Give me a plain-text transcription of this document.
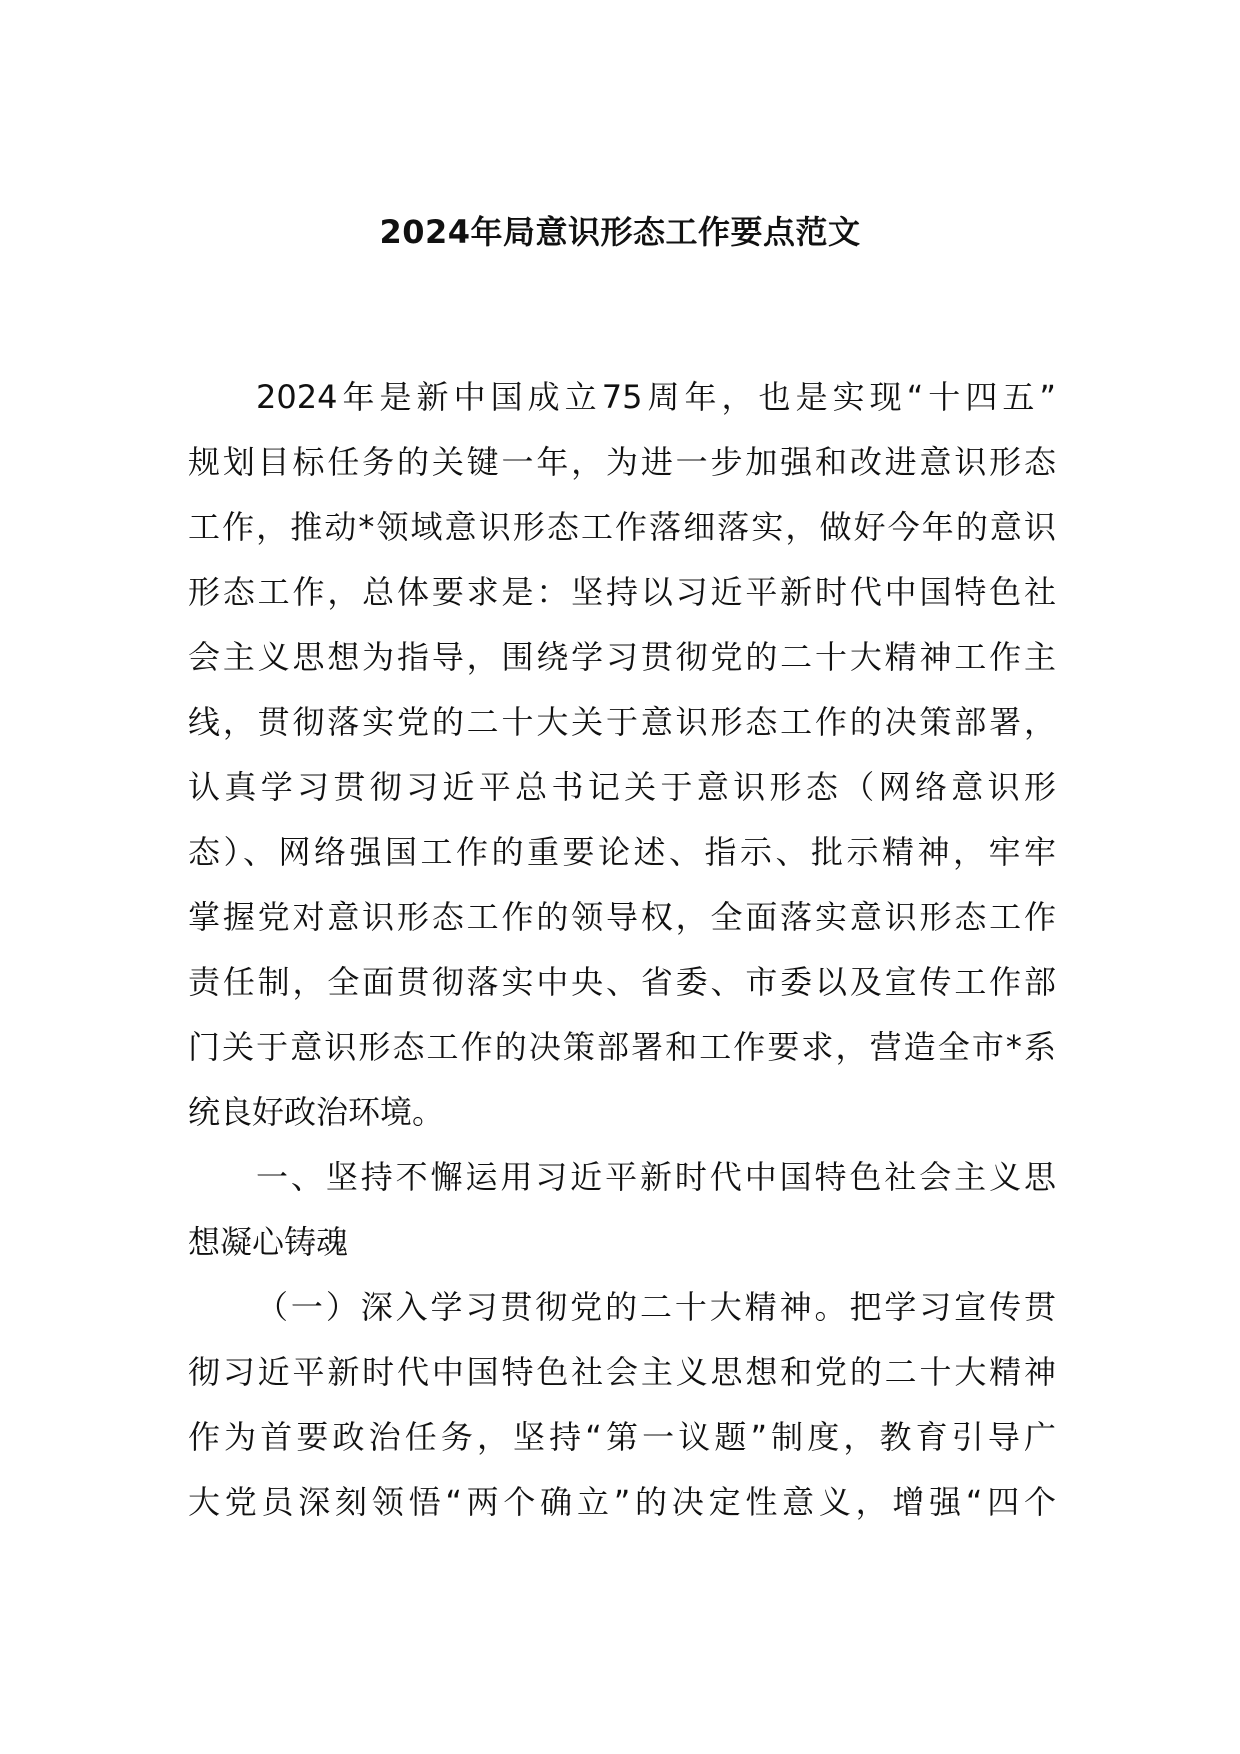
2024年局意识形态工作要点范文
2024年是新中国成立75周年，也是实现“十四五”
规划目标任务的关键一年，为进一步加强和改进意识形态
工作，推动*领域意识形态工作落细落实，做好今年的意识
形态工作，总体要求是：坚持以习近平新时代中国特色社
会主义思想为指导，围绕学习贯彻党的二十大精神工作主
线，贯彻落实党的二十大关于意识形态工作的决策部署，
认真学习贯彻习近平总书记关于意识形态（网络意识形
态）、网络强国工作的重要论述、指示、批示精神，牢牢
掌握党对意识形态工作的领导权，全面落实意识形态工作
责任制，全面贯彻落实中央、省委、市委以及宣传工作部
门关于意识形态工作的决策部署和工作要求，营造全市*系
统良好政治环境。
一、坚持不懈运用习近平新时代中国特色社会主义思
想凝心铸魂
（一）深入学习贯彻党的二十大精神。把学习宣传贯
彻习近平新时代中国特色社会主义思想和党的二十大精神
作为首要政治任务，坚持“第一议题”制度，教育引导广
大党员深刻领悟“两个确立”的决定性意义，增强“四个
